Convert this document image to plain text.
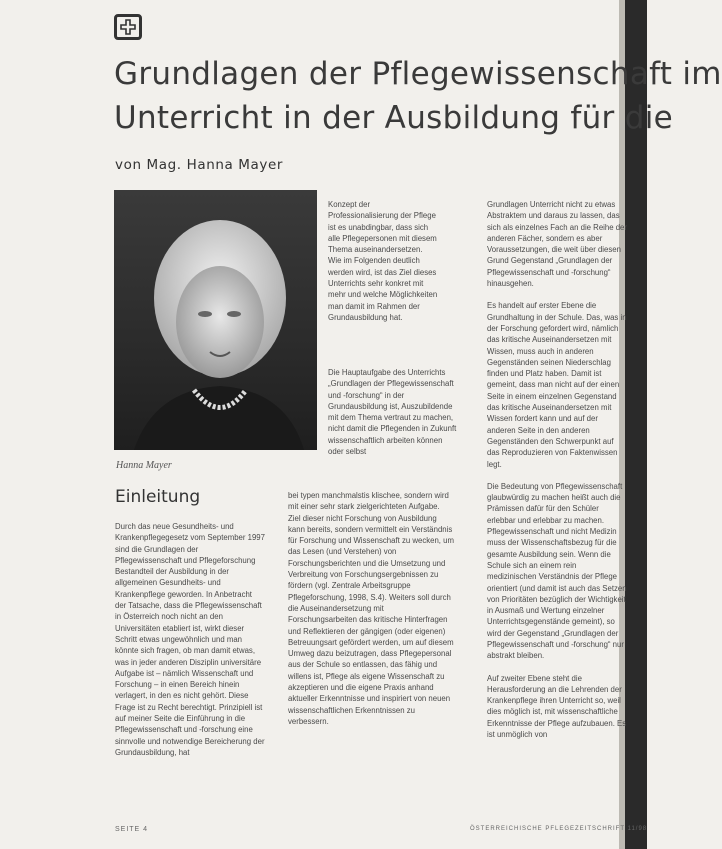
Grundlagen der Pflegewissenschaft im
Unterricht in der Ausbildung für die
von Mag. Hanna Mayer
Hanna Mayer
Einleitung

Durch das neue Gesundheits- und Krankenpflegegesetz vom September 1997 sind die Grundlagen der Pflegewissenschaft und Pflegeforschung Bestandteil der Ausbildung in der allgemeinen Gesundheits- und Krankenpflege geworden. In Anbetracht der Tatsache, dass die Pflegewissenschaft in Österreich noch nicht an den Universitäten etabliert ist, wirkt dieser Schritt etwas ungewöhnlich und man könnte sich fragen, ob man damit etwas, was in jeder anderen Disziplin universitäre Aufgabe ist – nämlich Wissenschaft und Forschung – in einen Bereich hinein verlagert, in den es nicht gehört. Diese Frage ist zu Recht berechtigt. Prinzipiell ist auf meiner Seite die Einführung in die Pflegewissenschaft und -forschung eine sinnvolle und notwendige Bereicherung der Grundausbildung, hat

Konzept der Professionalisierung der Pflege ist es unabdingbar, dass sich alle Pflegepersonen mit diesem Thema auseinandersetzen. Wie im Folgenden deutlich werden wird, ist das Ziel dieses Unterrichts sehr konkret mit mehr und welche Möglichkeiten man damit im Rahmen der Grundausbildung hat.

Die Hauptaufgabe des Unterrichts „Grundlagen der Pflegewissenschaft und -forschung“ in der Grundausbildung ist, Auszubildende mit dem Thema vertraut zu machen, nicht damit die Pflegenden in Zukunft wissenschaftlich arbeiten können oder selbst

bei typen manchmalstis klischee, sondern wird mit einer sehr stark zielgerichteten Aufgabe. Ziel dieser nicht Forschung von Ausbildung kann bereits, sondern vermittelt ein Verständnis für Forschung und Wissenschaft zu wecken, um das Lesen (und Verstehen) von Forschungsberichten und die Umsetzung und Verbreitung von Forschungsergebnissen zu fördern (vgl. Zentrale Arbeitsgruppe Pflegeforschung, 1998, S.4). Weiters soll durch die Auseinandersetzung mit Forschungsarbeiten das kritische Hinterfragen und Reflektieren der gängigen (oder eigenen) Betreuungsart gefördert werden, um auf diesem Umweg dazu beizutragen, dass Pflegepersonal aus der Schule so entlassen, das fähig und willens ist, Pflege als eigene Wissenschaft zu akzeptieren und die eigene Praxis anhand aktueller Erkenntnisse und inspiriert von neuen wissenschaftlichen Erkenntnissen zu verbessern.

Grundlagen Unterricht nicht zu etwas Abstraktem und daraus zu lassen, das sich als einzelnes Fach an die Reihe der anderen Fächer, sondern es aber Voraussetzungen, die weit über diesen Grund Gegenstand „Grundlagen der Pflegewissenschaft und -forschung“ hinausgehen.

Es handelt auf erster Ebene die Grundhaltung in der Schule. Das, was in der Forschung gefordert wird, nämlich das kritische Auseinandersetzen mit Wissen, muss auch in anderen Gegenständen seinen Niederschlag finden und Platz haben. Damit ist gemeint, dass man nicht auf der einen Seite in einem einzelnen Gegenstand das kritische Auseinandersetzen mit Wissen fordert kann und auf der anderen Seite in den anderen Gegenständen den Schwerpunkt auf das Reproduzieren von Faktenwissen legt.

Die Bedeutung von Pflegewissenschaft glaubwürdig zu machen heißt auch die Prämissen dafür für den Schüler erlebbar und erlebbar zu machen. Pflegewissenschaft und nicht Medizin muss der Wissenschaftsbezug für die gesamte Ausbildung sein. Wenn die Schule sich an einem rein medizinischen Verständnis der Pflege orientiert (und damit ist auch das Setzen von Prioritäten bezüglich der Wichtigkeit in Ausmaß und Wertung einzelner Unterrichtsgegenstände gemeint), so wird der Gegenstand „Grundlagen der Pflegewissenschaft und -forschung“ nur abstrakt bleiben.

Auf zweiter Ebene steht die Herausforderung an die Lehrenden der Krankenpflege ihren Unterricht so, weil dies möglich ist, mit wissenschaftliche Erkenntnisse der Pflege aufzubauen. Es ist unmöglich von

SEITE 4	ÖSTERREICHISCHE PFLEGEZEITSCHRIFT 11/98
